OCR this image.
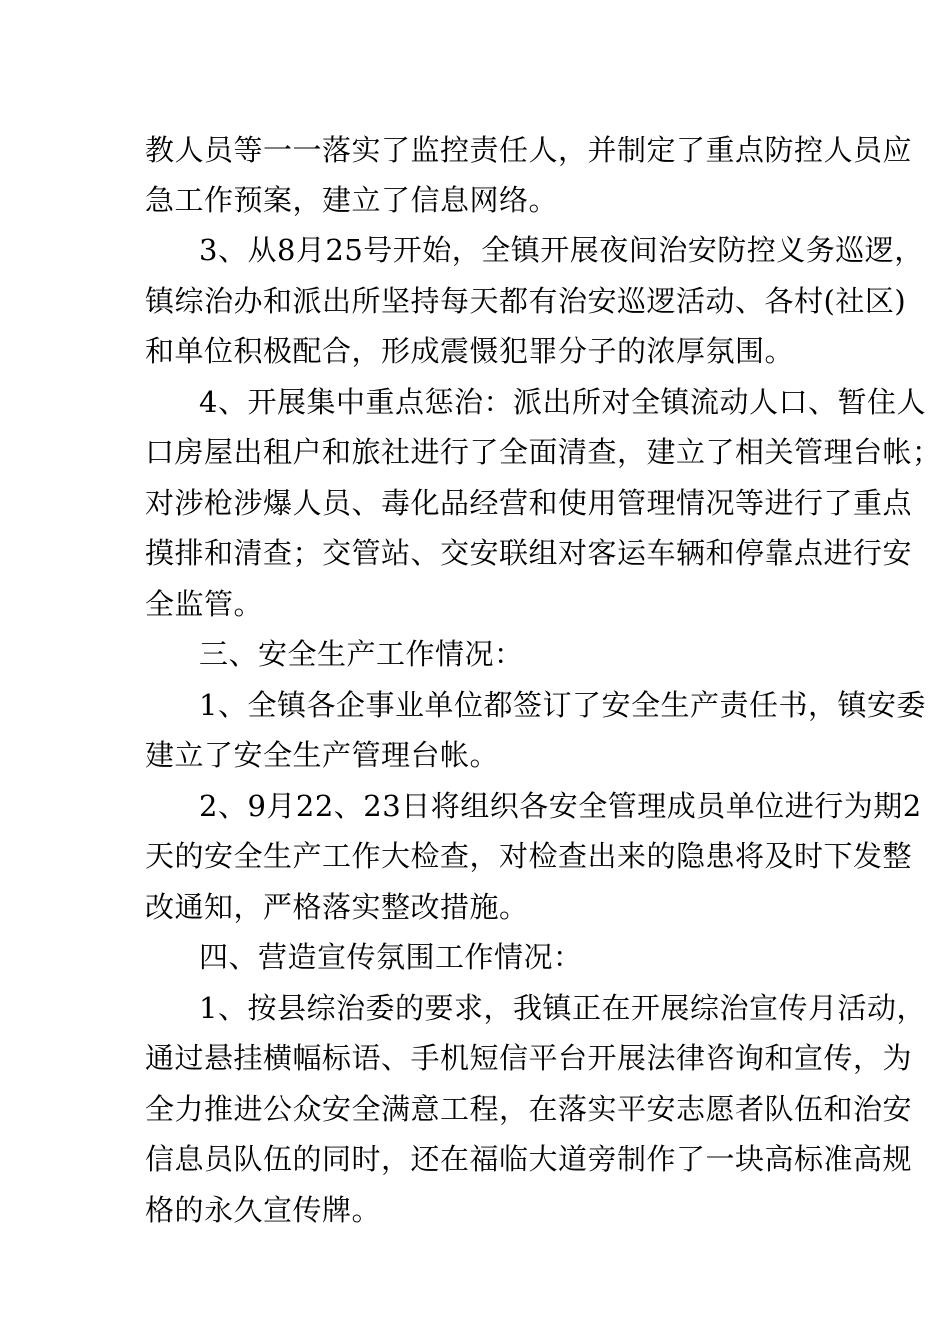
教人员等一一落实了监控责任人，并制定了重点防控人员应
急工作预案，建立了信息网络。
3、从8月25号开始，全镇开展夜间治安防控义务巡逻，
镇综治办和派出所坚持每天都有治安巡逻活动、各村(社区)
和单位积极配合，形成震慑犯罪分子的浓厚氛围。
4、开展集中重点惩治：派出所对全镇流动人口、暂住人
口房屋出租户和旅社进行了全面清查，建立了相关管理台帐；
对涉枪涉爆人员、毒化品经营和使用管理情况等进行了重点
摸排和清查；交管站、交安联组对客运车辆和停靠点进行安
全监管。
三、安全生产工作情况：
1、全镇各企事业单位都签订了安全生产责任书，镇安委
建立了安全生产管理台帐。
2、9月22、23日将组织各安全管理成员单位进行为期2
天的安全生产工作大检查，对检查出来的隐患将及时下发整
改通知，严格落实整改措施。
四、营造宣传氛围工作情况：
1、按县综治委的要求，我镇正在开展综治宣传月活动，
通过悬挂横幅标语、手机短信平台开展法律咨询和宣传，为
全力推进公众安全满意工程，在落实平安志愿者队伍和治安
信息员队伍的同时，还在福临大道旁制作了一块高标准高规
格的永久宣传牌。
